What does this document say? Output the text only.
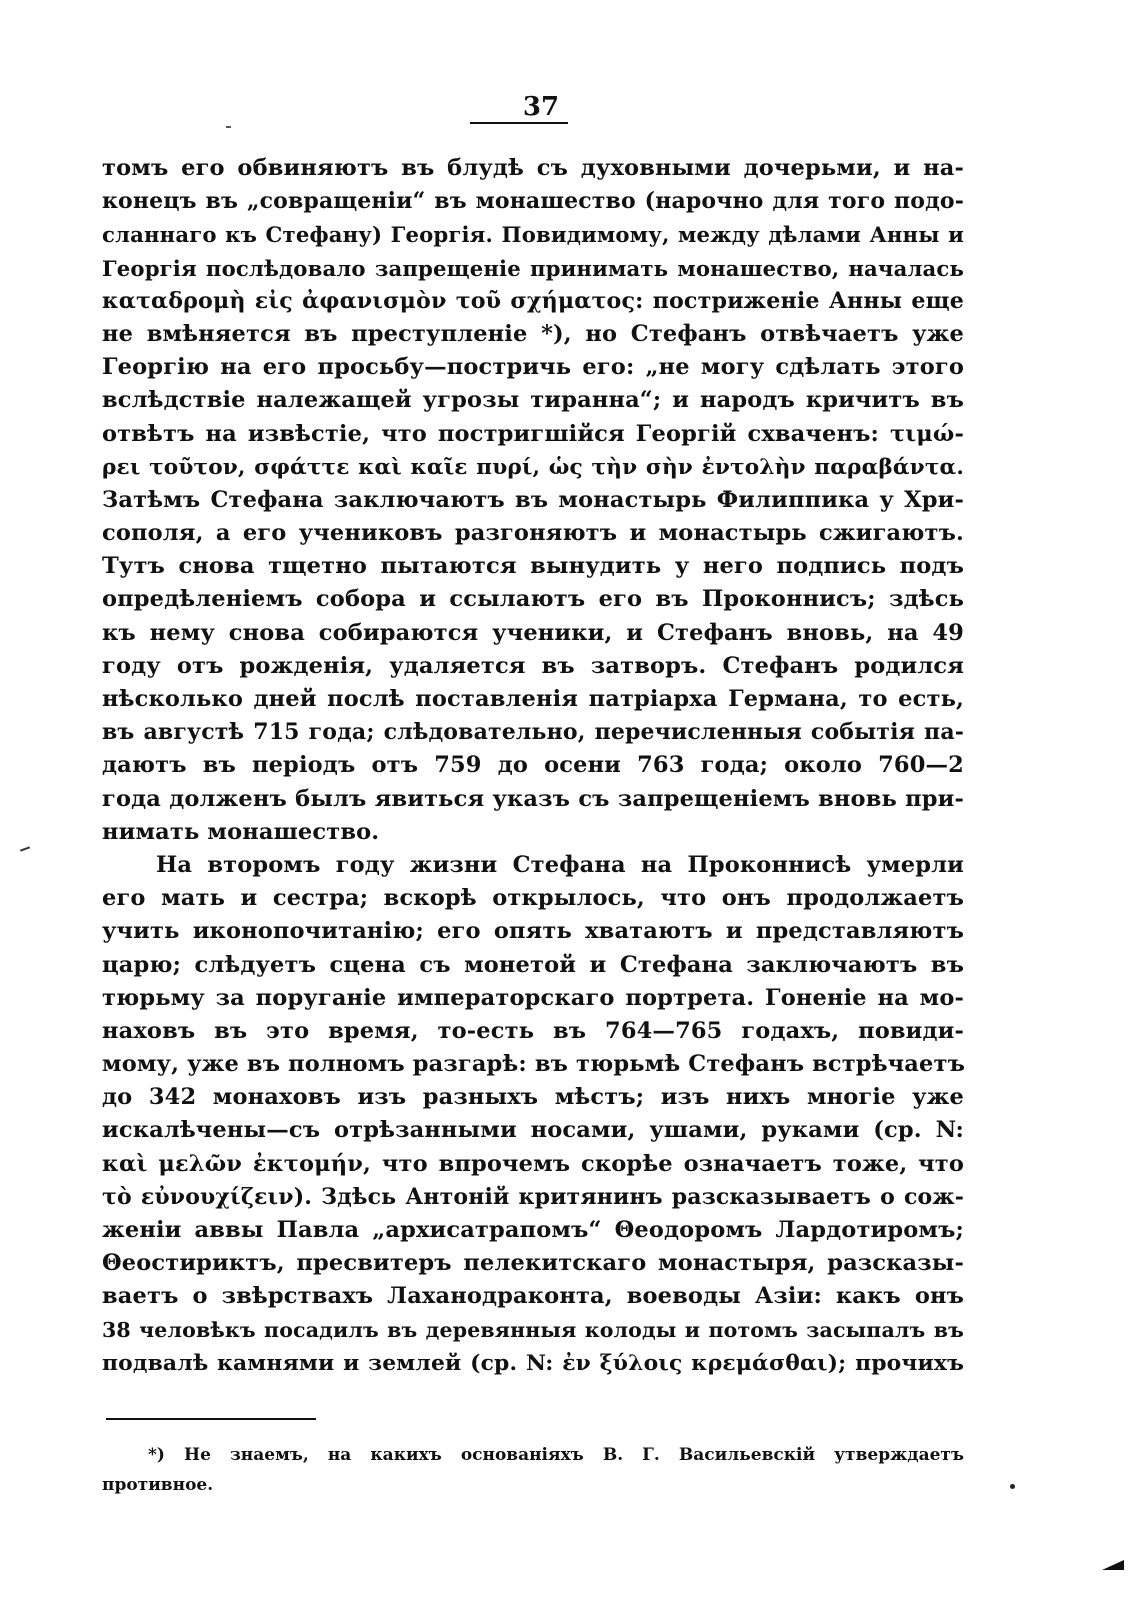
37
томъ его обвиняютъ въ блудѣ съ духовными дочерьми, и на-
конецъ въ „совращенiи“ въ монашество (нарочно для того подо-
сланнаго къ Стефану) Георгiя. Повидимому, между дѣлами Анны и
Георгiя послѣдовало запрещенiе принимать монашество, началась
καταδρομὴ εἰς ἀφανισμὸν τοῦ σχήματος: постриженiе Анны еще
не вмѣняется въ преступленiе *), но Стефанъ отвѣчаетъ уже
Георгiю на его просьбу—постричь его: „не могу сдѣлать этого
вслѣдствiе належащей угрозы тиранна“; и народъ кричитъ въ
отвѣтъ на извѣстiе, что постригшiйся Георгiй схваченъ: τιμώ-
ρει τοῦτον, σφάττε καὶ καῖε πυρί, ὡς τὴν σὴν ἐντολὴν παραβάντα.
Затѣмъ Стефана заключаютъ въ монастырь Филиппика у Хри-
сополя, а его учениковъ разгоняютъ и монастырь сжигаютъ.
Тутъ снова тщетно пытаются вынудить у него подпись подъ
опредѣленiемъ собора и ссылаютъ его въ Проконнисъ; здѣсь
къ нему снова собираются ученики, и Стефанъ вновь, на 49
году отъ рожденiя, удаляется въ затворъ. Стефанъ родился
нѣсколько дней послѣ поставленiя патрiарха Германа, то есть,
въ августѣ 715 года; слѣдовательно, перечисленныя событiя па-
даютъ въ перiодъ отъ 759 до осени 763 года; около 760—2
года долженъ былъ явиться указъ съ запрещенiемъ вновь при-
нимать монашество.
На второмъ году жизни Стефана на Проконнисѣ умерли
его мать и сестра; вскорѣ открылось, что онъ продолжаетъ
учить иконопочитанiю; его опять хватаютъ и представляютъ
царю; слѣдуетъ сцена съ монетой и Стефана заключаютъ въ
тюрьму за поруганiе императорскаго портрета. Гоненiе на мо-
наховъ въ это время, то-есть въ 764—765 годахъ, повиди-
мому, уже въ полномъ разгарѣ: въ тюрьмѣ Стефанъ встрѣчаетъ
до 342 монаховъ изъ разныхъ мѣстъ; изъ нихъ многiе уже
искалѣчены—съ отрѣзанными носами, ушами, руками (ср. N:
καὶ μελῶν ἐκτομήν, что впрочемъ скорѣе означаетъ тоже, что
τὸ εὐνουχίζειν). Здѣсь Антонiй критянинъ разсказываетъ о сож-
женiи аввы Павла „архисатрапомъ“ Θеодоромъ Лардотиромъ;
Θеостириктъ, пресвитеръ пелекитскаго монастыря, разсказы-
ваетъ о звѣрствахъ Лаханодраконта, воеводы Азiи: какъ онъ
38 человѣкъ посадилъ въ деревянныя колоды и потомъ засыпалъ въ
подвалѣ камнями и землей (ср. N: ἐν ξύλοις κρεμάσθαι); прочихъ
*) Не знаемъ, на какихъ основанiяхъ В. Г. Васильевскiй утверждаетъ
противное.
